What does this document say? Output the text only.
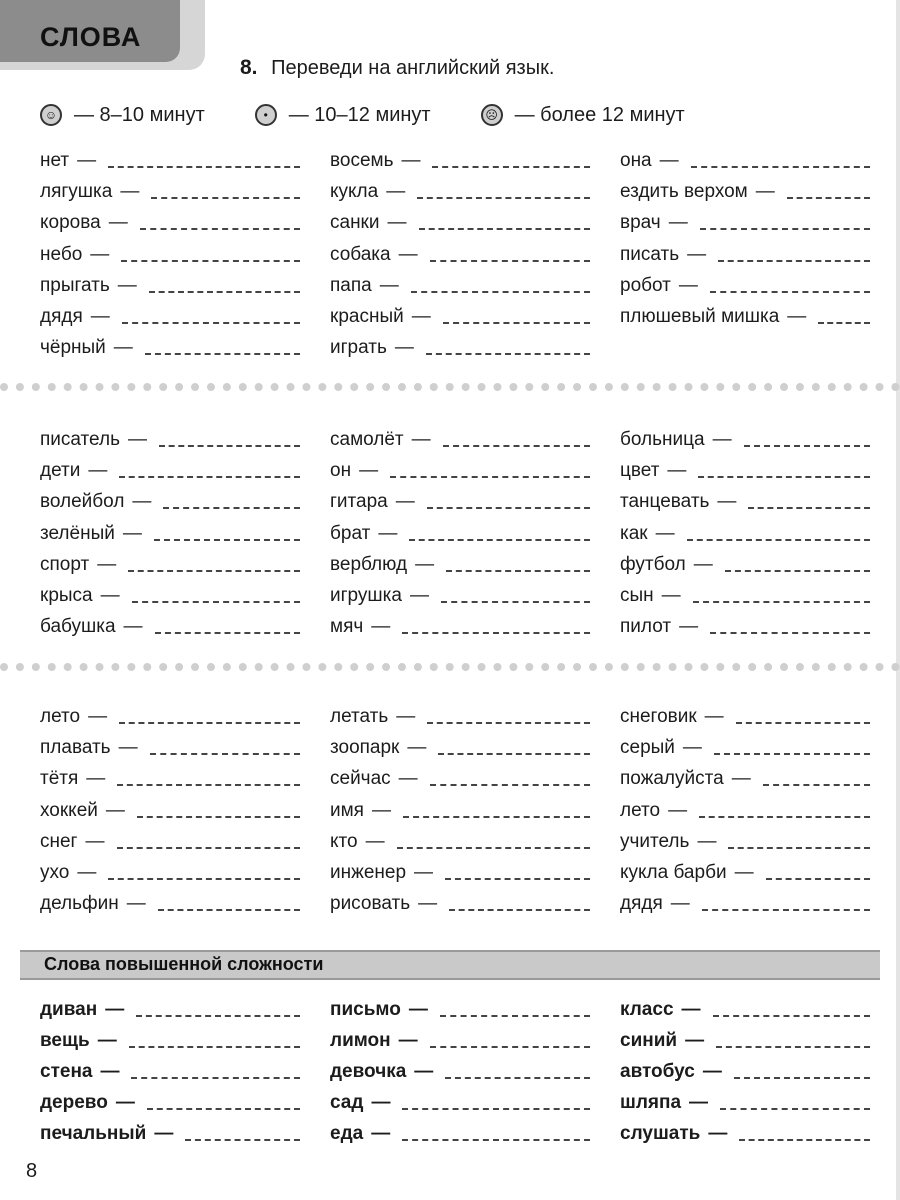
СЛОВА
8. Переведи на английский язык.
☺ — 8–10 минут	•	— 10–12 минут	☹ — более 12 минут
Слова повышенной сложности
нет —
лягушка —
корова —
небо —
прыгать —
дядя —
чёрный —
восемь —
кукла —
санки —
собака —
папа —
красный —
играть —
она —
ездить верхом —
врач —
писать —
робот —
плюшевый мишка —
писатель —
дети —
волейбол —
зелёный —
спорт —
крыса —
бабушка —
самолёт —
он —
гитара —
брат —
верблюд —
игрушка —
мяч —
больница —
цвет —
танцевать —
как —
футбол —
сын —
пилот —
лето —
плавать —
тётя —
хоккей —
снег —
ухо —
дельфин —
летать —
зоопарк —
сейчас —
имя —
кто —
инженер —
рисовать —
снеговик —
серый —
пожалуйста —
лето —
учитель —
кукла барби —
дядя —
диван —
вещь —
стена —
дерево —
печальный —
письмо —
лимон —
девочка —
сад —
еда —
класс —
синий —
автобус —
шляпа —
слушать —
8
